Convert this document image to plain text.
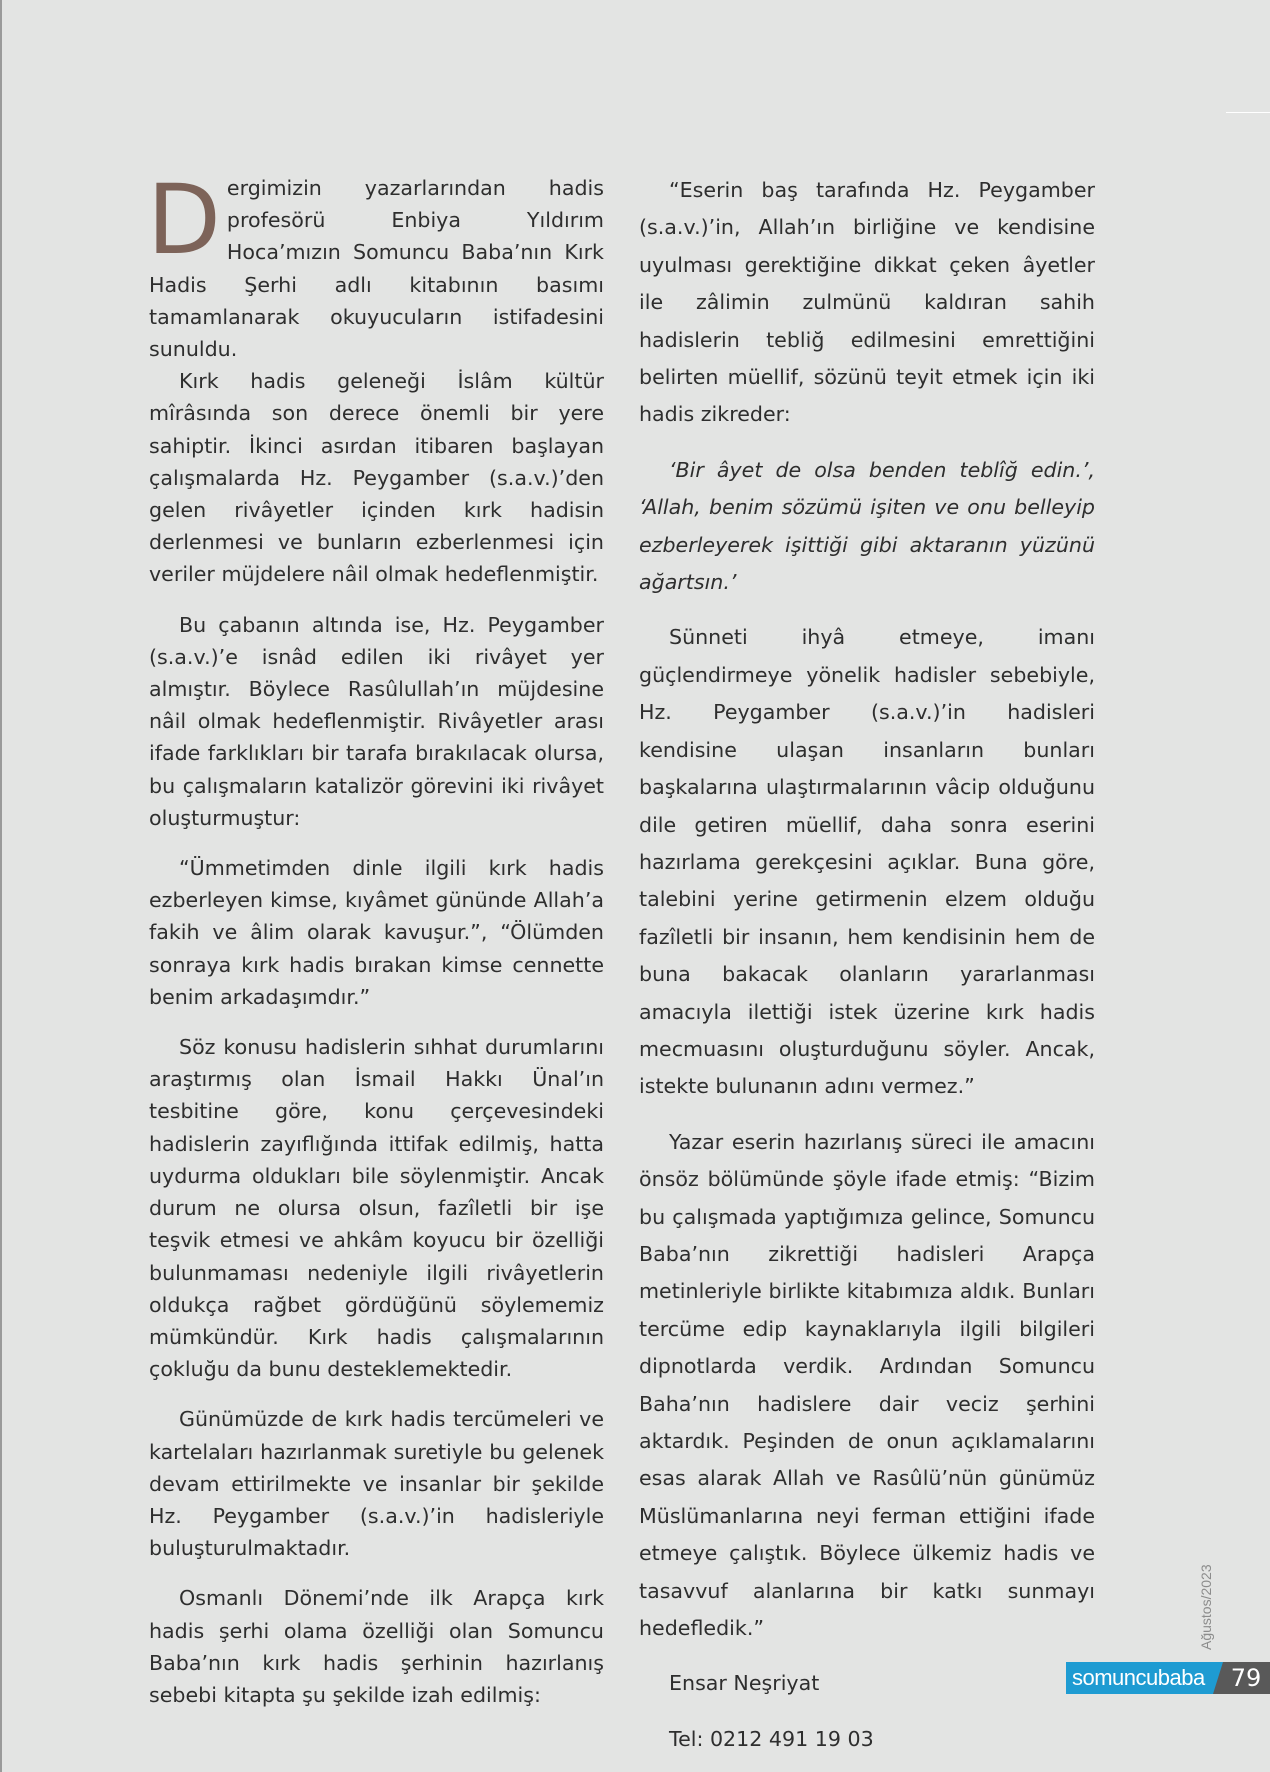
Dergimizin yazarlarından hadis profesörü Enbiya Yıldırım Hoca’mızın Somuncu Baba’nın Kırk Hadis Şerhi adlı kitabının basımı tamamlanarak okuyucuların istifadesini sunuldu.

Kırk hadis geleneği İslâm kültür mîrâsında son derece önemli bir yere sahiptir. İkinci asırdan itibaren başlayan çalışmalarda Hz. Peygamber (s.a.v.)’den gelen rivâyetler içinden kırk hadisin derlenmesi ve bunların ezberlenmesi için veriler müjdelere nâil olmak hedeflenmiştir.

Bu çabanın altında ise, Hz. Peygamber (s.a.v.)’e isnâd edilen iki rivâyet yer almıştır. Böylece Rasûlullah’ın müjdesine nâil olmak hedeflenmiştir. Rivâyetler arası ifade farklıkları bir tarafa bırakılacak olursa, bu çalışmaların katalizör görevini iki rivâyet oluşturmuştur:

“Ümmetimden dinle ilgili kırk hadis ezberleyen kimse, kıyâmet gününde Allah’a fakih ve âlim olarak kavuşur.”, “Ölümden sonraya kırk hadis bırakan kimse cennette benim arkadaşımdır.”

Söz konusu hadislerin sıhhat durumlarını araştırmış olan İsmail Hakkı Ünal’ın tesbitine göre, konu çerçevesindeki hadislerin zayıflığında ittifak edilmiş, hatta uydurma oldukları bile söylenmiştir. Ancak durum ne olursa olsun, fazîletli bir işe teşvik etmesi ve ahkâm koyucu bir özelliği bulunmaması nedeniyle ilgili rivâyetlerin oldukça rağbet gördüğünü söylememiz mümkündür. Kırk hadis çalışmalarının çokluğu da bunu desteklemektedir.

Günümüzde de kırk hadis tercümeleri ve kartelaları hazırlanmak suretiyle bu gelenek devam ettirilmekte ve insanlar bir şekilde Hz. Peygamber (s.a.v.)’in hadisleriyle buluşturulmaktadır.

Osmanlı Dönemi’nde ilk Arapça kırk hadis şerhi olama özelliği olan Somuncu Baba’nın kırk hadis şerhinin hazırlanış sebebi kitapta şu şekilde izah edilmiş:

“Eserin baş tarafında Hz. Peygamber (s.a.v.)’in, Allah’ın birliğine ve kendisine uyulması gerektiğine dikkat çeken âyetler ile zâlimin zulmünü kaldıran sahih hadislerin tebliğ edilmesini emrettiğini belirten müellif, sözünü teyit etmek için iki hadis zikreder:

‘Bir âyet de olsa benden teblîğ edin.’, ‘Allah, benim sözümü işiten ve onu belleyip ezberleyerek işittiği gibi aktaranın yüzünü ağartsın.’

Sünneti ihyâ etmeye, imanı güçlendirmeye yönelik hadisler sebebiyle, Hz. Peygamber (s.a.v.)’in hadisleri kendisine ulaşan insanların bunları başkalarına ulaştırmalarının vâcip olduğunu dile getiren müellif, daha sonra eserini hazırlama gerekçesini açıklar. Buna göre, talebini yerine getirmenin elzem olduğu fazîletli bir insanın, hem kendisinin hem de buna bakacak olanların yararlanması amacıyla ilettiği istek üzerine kırk hadis mecmuasını oluşturduğunu söyler. Ancak, istekte bulunanın adını vermez.”

Yazar eserin hazırlanış süreci ile amacını önsöz bölümünde şöyle ifade etmiş: “Bizim bu çalışmada yaptığımıza gelince, Somuncu Baba’nın zikrettiği hadisleri Arapça metinleriyle birlikte kitabımıza aldık. Bunları tercüme edip kaynaklarıyla ilgili bilgileri dipnotlarda verdik. Ardından Somuncu Baha’nın hadislere dair veciz şerhini aktardık. Peşinden de onun açıklamalarını esas alarak Allah ve Rasûlü’nün günümüz Müslümanlarına neyi ferman ettiğini ifade etmeye çalıştık. Böylece ülkemiz hadis ve tasavvuf alanlarına bir katkı sunmayı hedefledik.”

Ensar Neşriyat

Tel: 0212 491 19 03

Ağustos/2023
somuncubaba	79
